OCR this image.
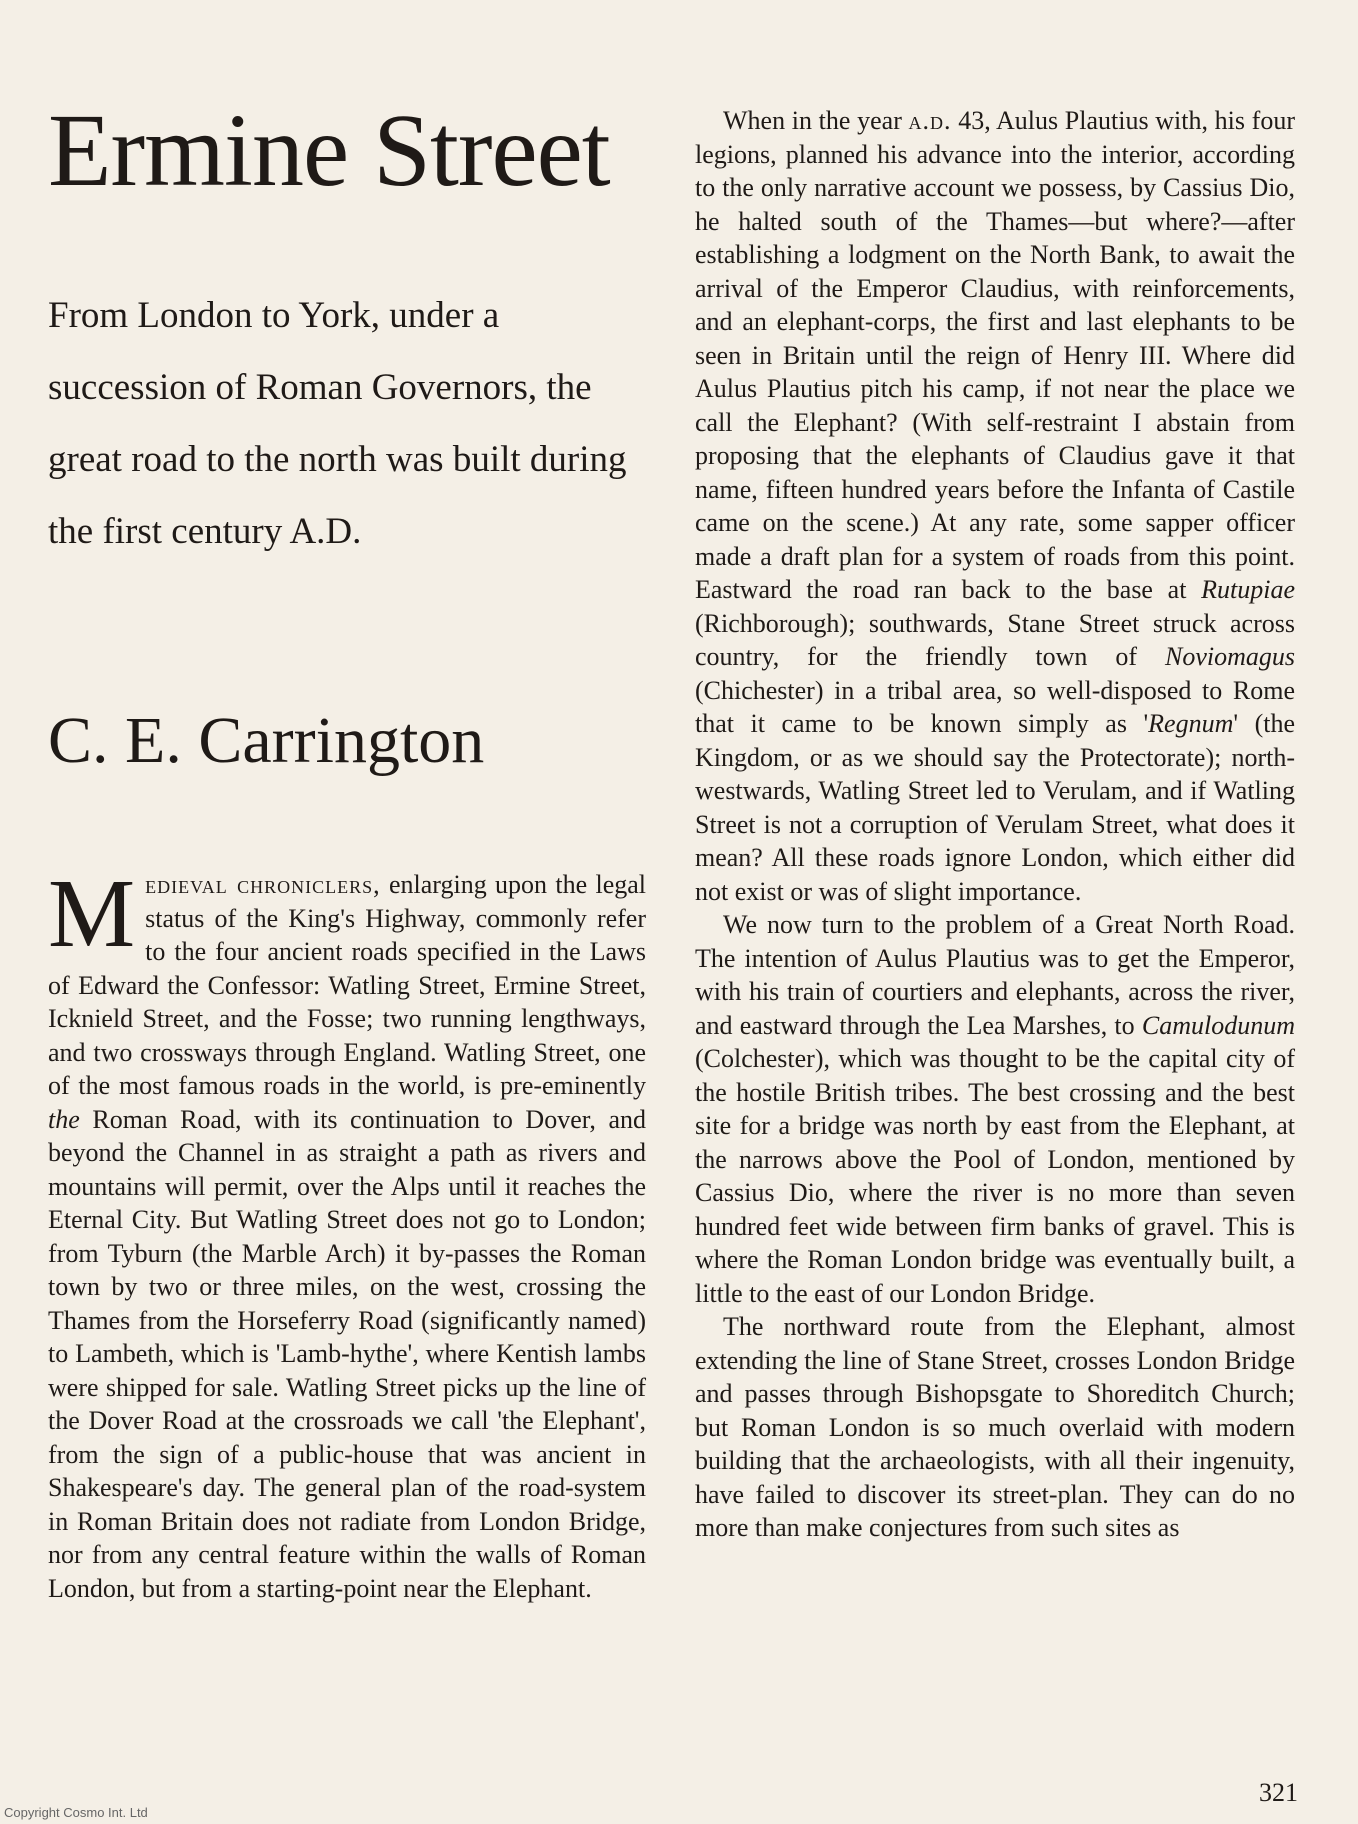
Ermine Street

From London to York, under a succession of Roman Governors, the great road to the north was built during the first century A.D.

C. E. Carrington

Medieval chroniclers, enlarging upon the legal status of the King's Highway, commonly refer to the four ancient roads specified in the Laws of Edward the Confessor: Watling Street, Ermine Street, Icknield Street, and the Fosse; two running lengthways, and two crossways through England. Watling Street, one of the most famous roads in the world, is pre-eminently the Roman Road, with its continuation to Dover, and beyond the Channel in as straight a path as rivers and mountains will permit, over the Alps until it reaches the Eternal City. But Watling Street does not go to London; from Tyburn (the Marble Arch) it by-passes the Roman town by two or three miles, on the west, crossing the Thames from the Horseferry Road (significantly named) to Lambeth, which is 'Lamb-hythe', where Kentish lambs were shipped for sale. Watling Street picks up the line of the Dover Road at the crossroads we call 'the Elephant', from the sign of a public-house that was ancient in Shakespeare's day. The general plan of the road-system in Roman Britain does not radiate from London Bridge, nor from any central feature within the walls of Roman London, but from a starting-point near the Elephant.

When in the year a.d. 43, Aulus Plautius with, his four legions, planned his advance into the interior, according to the only narrative account we possess, by Cassius Dio, he halted south of the Thames—but where?—after establishing a lodgment on the North Bank, to await the arrival of the Emperor Claudius, with reinforcements, and an elephant-corps, the first and last elephants to be seen in Britain until the reign of Henry III. Where did Aulus Plautius pitch his camp, if not near the place we call the Elephant? (With self-restraint I abstain from proposing that the elephants of Claudius gave it that name, fifteen hundred years before the Infanta of Castile came on the scene.) At any rate, some sapper officer made a draft plan for a system of roads from this point. Eastward the road ran back to the base at Rutupiae (Richborough); southwards, Stane Street struck across country, for the friendly town of Noviomagus (Chichester) in a tribal area, so well-disposed to Rome that it came to be known simply as 'Regnum' (the Kingdom, or as we should say the Protectorate); north-westwards, Watling Street led to Verulam, and if Watling Street is not a corruption of Verulam Street, what does it mean? All these roads ignore London, which either did not exist or was of slight importance.

We now turn to the problem of a Great North Road. The intention of Aulus Plautius was to get the Emperor, with his train of courtiers and elephants, across the river, and eastward through the Lea Marshes, to Camulodunum (Colchester), which was thought to be the capital city of the hostile British tribes. The best crossing and the best site for a bridge was north by east from the Elephant, at the narrows above the Pool of London, mentioned by Cassius Dio, where the river is no more than seven hundred feet wide between firm banks of gravel. This is where the Roman London bridge was eventually built, a little to the east of our London Bridge.

The northward route from the Elephant, almost extending the line of Stane Street, crosses London Bridge and passes through Bishopsgate to Shoreditch Church; but Roman London is so much overlaid with modern building that the archaeologists, with all their ingenuity, have failed to discover its street-plan. They can do no more than make conjectures from such sites as

321
Copyright Cosmo Int. Ltd
